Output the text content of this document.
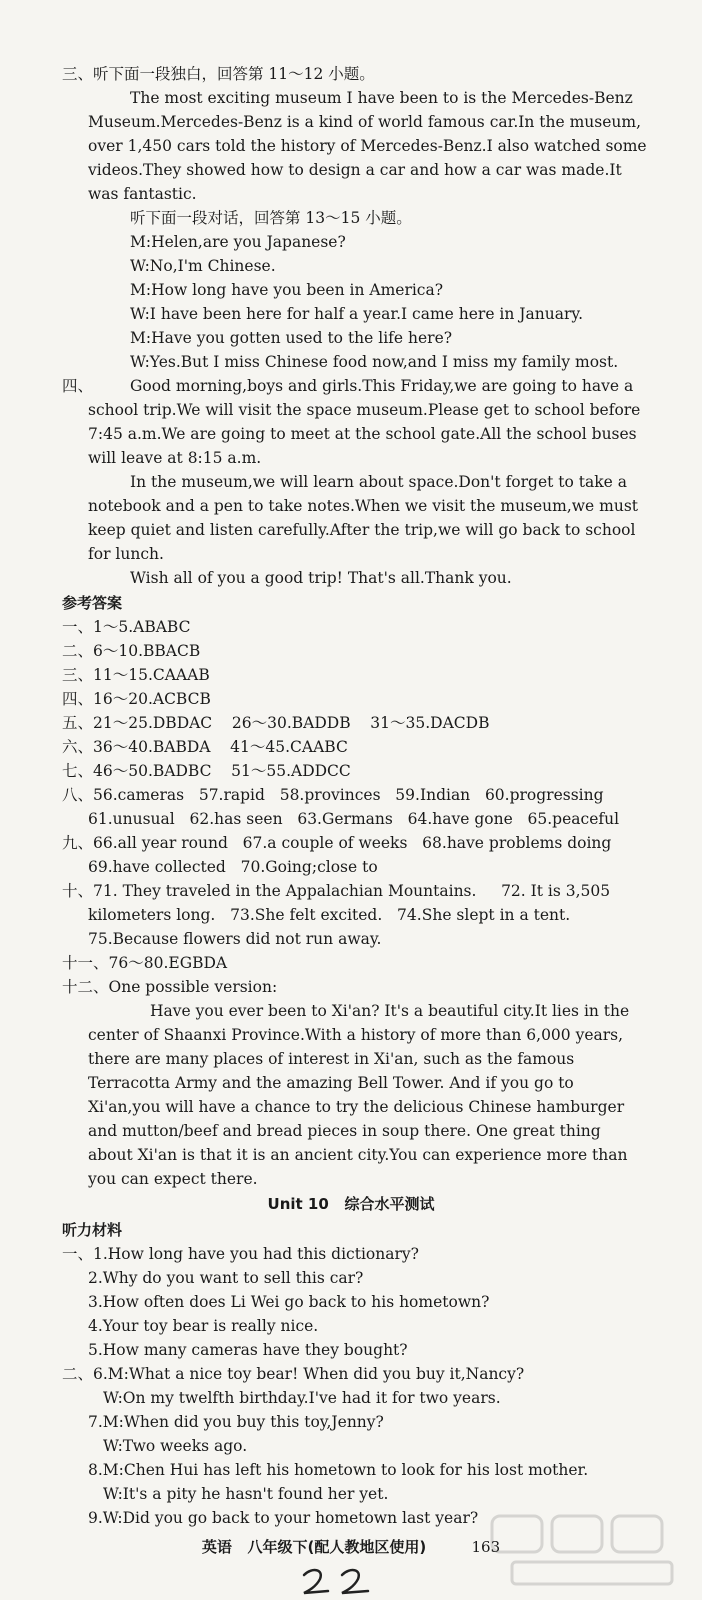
三、听下面一段独白，回答第 11～12 小题。
The most exciting museum I have been to is the Mercedes-Benz
Museum.Mercedes-Benz is a kind of world famous car.In the museum,
over 1,450 cars told the history of Mercedes-Benz.I also watched some
videos.They showed how to design a car and how a car was made.It
was fantastic.
听下面一段对话，回答第 13～15 小题。
M:Helen,are you Japanese?
W:No,I'm Chinese.
M:How long have you been in America?
W:I have been here for half a year.I came here in January.
M:Have you gotten used to the life here?
W:Yes.But I miss Chinese food now,and I miss my family most.
四、	Good morning,boys and girls.This Friday,we are going to have a
school trip.We will visit the space museum.Please get to school before
7:45 a.m.We are going to meet at the school gate.All the school buses
will leave at 8:15 a.m.
In the museum,we will learn about space.Don't forget to take a
notebook and a pen to take notes.When we visit the museum,we must
keep quiet and listen carefully.After the trip,we will go back to school
for lunch.
Wish all of you a good trip! That's all.Thank you.
参考答案
一、1～5.ABABC
二、6～10.BBACB
三、11～15.CAAAB
四、16～20.ACBCB
五、21～25.DBDAC    26～30.BADDB    31～35.DACDB
六、36～40.BABDA    41～45.CAABC
七、46～50.BADBC    51～55.ADDCC
八、56.cameras   57.rapid   58.provinces   59.Indian   60.progressing
61.unusual   62.has seen   63.Germans   64.have gone   65.peaceful
九、66.all year round   67.a couple of weeks   68.have problems doing
69.have collected   70.Going;close to
十、71. They traveled in the Appalachian Mountains.     72. It is 3,505
kilometers long.   73.She felt excited.   74.She slept in a tent.
75.Because flowers did not run away.
十一、76～80.EGBDA
十二、One possible version:
Have you ever been to Xi'an? It's a beautiful city.It lies in the
center of Shaanxi Province.With a history of more than 6,000 years,
there are many places of interest in Xi'an, such as the famous
Terracotta Army and the amazing Bell Tower. And if you go to
Xi'an,you will have a chance to try the delicious Chinese hamburger
and mutton/beef and bread pieces in soup there. One great thing
about Xi'an is that it is an ancient city.You can experience more than
you can expect there.
Unit 10   综合水平测试
听力材料
一、1.How long have you had this dictionary?
2.Why do you want to sell this car?
3.How often does Li Wei go back to his hometown?
4.Your toy bear is really nice.
5.How many cameras have they bought?
二、6.M:What a nice toy bear! When did you buy it,Nancy?
W:On my twelfth birthday.I've had it for two years.
7.M:When did you buy this toy,Jenny?
W:Two weeks ago.
8.M:Chen Hui has left his hometown to look for his lost mother.
W:It's a pity he hasn't found her yet.
9.W:Did you go back to your hometown last year?
英语   八年级下(配人教地区使用)	163
